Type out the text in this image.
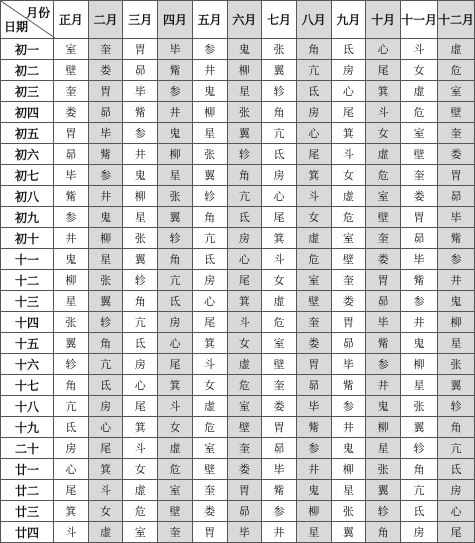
月份
日期	正月	二月	三月	四月	五月	六月	七月	八月	九月	十月	十一月	十二月
初一	室	奎	胃	毕	参	鬼	张	角	氐	心	斗	虚
初二	壁	娄	昴	觜	井	柳	翼	亢	房	尾	女	危
初三	奎	胃	毕	参	鬼	星	轸	氐	心	箕	虚	室
初四	娄	昴	觜	井	柳	张	角	房	尾	斗	危	壁
初五	胃	毕	参	鬼	星	翼	亢	心	箕	女	室	奎
初六	昴	觜	井	柳	张	轸	氐	尾	斗	虚	壁	娄
初七	毕	参	鬼	星	翼	角	房	箕	女	危	奎	胃
初八	觜	井	柳	张	轸	亢	心	斗	虚	室	娄	昴
初九	参	鬼	星	翼	角	氐	尾	女	危	壁	胃	毕
初十	井	柳	张	轸	亢	房	箕	虚	室	奎	昴	觜
十一	鬼	星	翼	角	氐	心	斗	危	壁	娄	毕	参
十二	柳	张	轸	亢	房	尾	女	室	奎	胃	觜	井
十三	星	翼	角	氐	心	箕	虚	壁	娄	昴	参	鬼
十四	张	轸	亢	房	尾	斗	危	奎	胃	毕	井	柳
十五	翼	角	氐	心	箕	女	室	娄	昴	觜	鬼	星
十六	轸	亢	房	尾	斗	虚	壁	胃	毕	参	柳	张
十七	角	氐	心	箕	女	危	奎	昴	觜	井	星	翼
十八	亢	房	尾	斗	虚	室	娄	毕	参	鬼	张	轸
十九	氐	心	箕	女	危	壁	胃	觜	井	柳	翼	角
二十	房	尾	斗	虚	室	奎	昴	参	鬼	星	轸	亢
廿一	心	箕	女	危	壁	娄	毕	井	柳	张	角	氐
廿二	尾	斗	虚	室	奎	胃	觜	鬼	星	翼	亢	房
廿三	箕	女	危	壁	娄	昴	参	柳	张	轸	氐	心
廿四	斗	虚	室	奎	胃	毕	井	星	翼	角	房	尾
